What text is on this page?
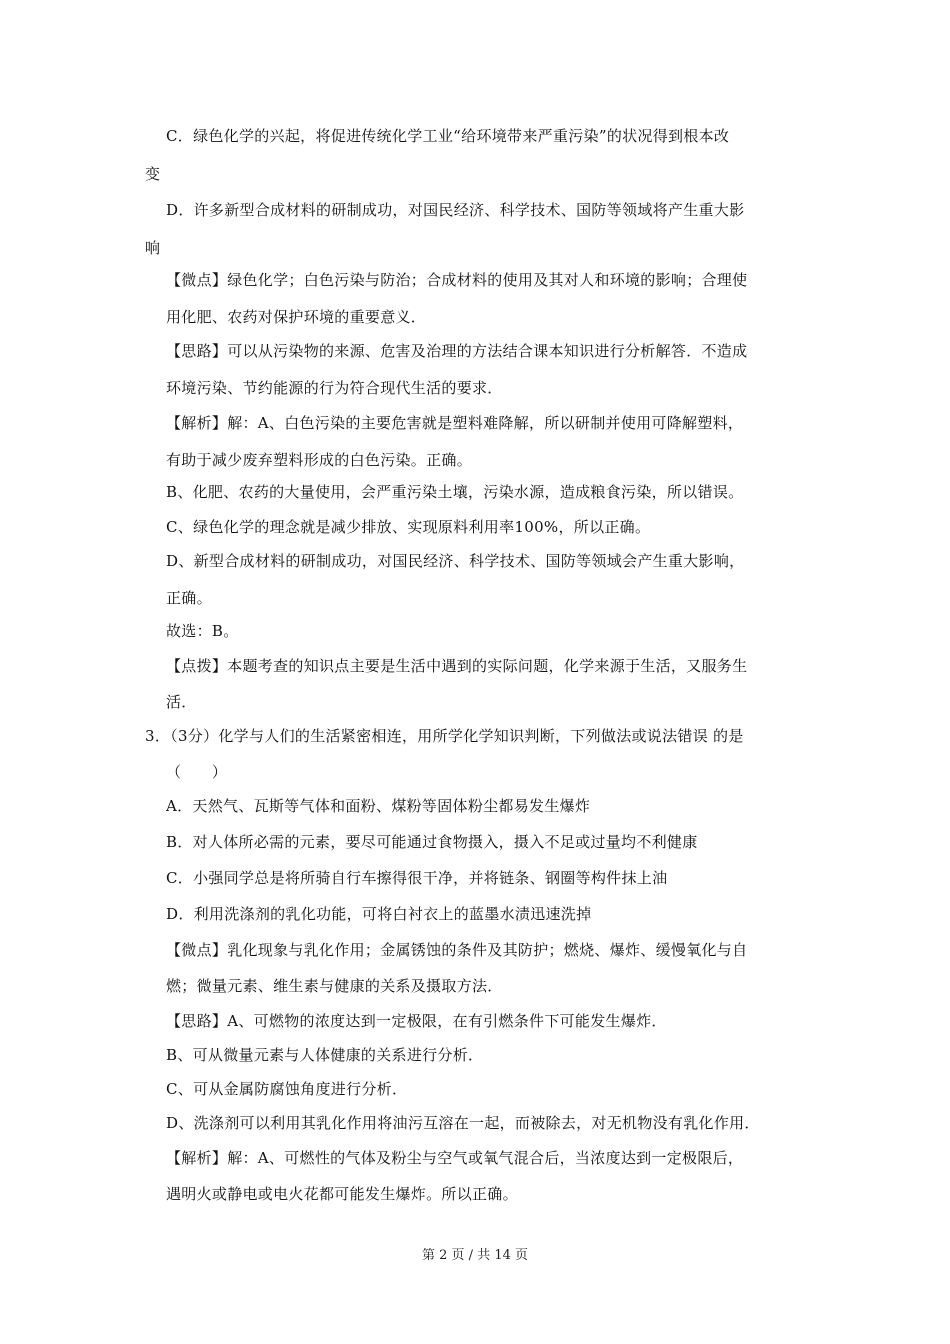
C．绿色化学的兴起，将促进传统化学工业“给环境带来严重污染”的状况得到根本改
变
D．许多新型合成材料的研制成功，对国民经济、科学技术、国防等领域将产生重大影
响
【微点】绿色化学；白色污染与防治；合成材料的使用及其对人和环境的影响；合理使
用化肥、农药对保护环境的重要意义．
【思路】可以从污染物的来源、危害及治理的方法结合课本知识进行分析解答．不造成
环境污染、节约能源的行为符合现代生活的要求．
【解析】解：A、白色污染的主要危害就是塑料难降解，所以研制并使用可降解塑料，
有助于减少废弃塑料形成的白色污染。正确。
B、化肥、农药的大量使用，会严重污染土壤，污染水源，造成粮食污染，所以错误。
C、绿色化学的理念就是减少排放、实现原料利用率100%，所以正确。
D、新型合成材料的研制成功，对国民经济、科学技术、国防等领域会产生重大影响，
正确。
故选：B。
【点拨】本题考查的知识点主要是生活中遇到的实际问题，化学来源于生活，又服务生
活．
3．（3分）化学与人们的生活紧密相连，用所学化学知识判断，下列做法或说法错误 的是
（　　）
A．天然气、瓦斯等气体和面粉、煤粉等固体粉尘都易发生爆炸
B．对人体所必需的元素，要尽可能通过食物摄入，摄入不足或过量均不利健康
C．小强同学总是将所骑自行车擦得很干净，并将链条、钢圈等构件抹上油
D．利用洗涤剂的乳化功能，可将白衬衣上的蓝墨水渍迅速洗掉
【微点】乳化现象与乳化作用；金属锈蚀的条件及其防护；燃烧、爆炸、缓慢氧化与自
燃；微量元素、维生素与健康的关系及摄取方法．
【思路】A、可燃物的浓度达到一定极限，在有引燃条件下可能发生爆炸．
B、可从微量元素与人体健康的关系进行分析．
C、可从金属防腐蚀角度进行分析．
D、洗涤剂可以利用其乳化作用将油污互溶在一起，而被除去，对无机物没有乳化作用．
【解析】解：A、可燃性的气体及粉尘与空气或氧气混合后，当浓度达到一定极限后，
遇明火或静电或电火花都可能发生爆炸。所以正确。
第 2 页 / 共 14 页
